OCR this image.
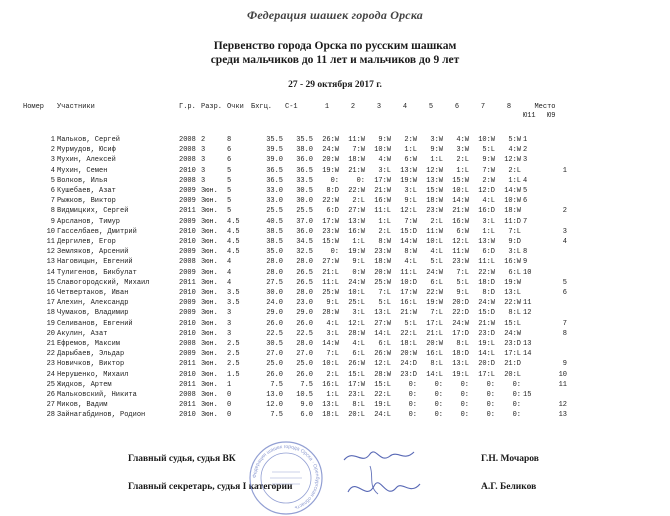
Федерация шашек города Орска
Первенство города Орска по русским шашкам
среди мальчиков до 11 лет и мальчиков до 9 лет
27 - 29 октября 2017 г.
Номер	Участники	Г.р.	Разр.	Очки	Бхгц.	С-1	1	2	3	4	5	6	7	8	Место	
															Ю11	Ю9

1	Мальков, Сергей	2008	2	8	35.5	35.5	26:W	11:W	9:W	2:W	3:W	4:W	10:W	5:W	1	
2	Мурмудов, Юсиф	2008	3	6	39.5	38.0	24:W	7:W	10:W	1:L	9:W	3:W	5:L	4:W	2	
3	Мухин, Алексей	2008	3	6	39.0	36.0	20:W	18:W	4:W	6:W	1:L	2:L	9:W	12:W	3	
4	Мухин, Семен	2010	3	5	36.5	36.5	19:W	21:W	3:L	13:W	12:W	1:L	7:W	2:L		1
5	Волков, Илья	2008	3	5	36.5	33.5	0:	0:	17:W	19:W	13:W	15:W	2:W	1:L	4	
6	Кушебаев, Азат	2009	3юн.	5	33.0	30.5	8:D	22:W	21:W	3:L	15:W	10:L	12:D	14:W	5	
7	Рыжков, Виктор	2009	3юн.	5	33.0	30.0	22:W	2:L	16:W	9:L	18:W	14:W	4:L	10:W	6	
8	Видмицких, Сергей	2011	3юн.	5	25.5	25.5	6:D	27:W	11:L	12:L	23:W	21:W	16:D	18:W		2
9	Арсланов, Тимур	2009	3юн.	4.5	40.5	37.0	17:W	13:W	1:L	7:W	2:L	16:W	3:L	11:D	7	
10	Гасселбаев, Дмитрий	2010	3юн.	4.5	38.5	36.0	23:W	16:W	2:L	15:D	11:W	6:W	1:L	7:L		3
11	Дергилев, Егор	2010	3юн.	4.5	38.5	34.5	15:W	1:L	8:W	14:W	10:L	12:L	13:W	9:D		4
12	Земляков, Арсений	2009	3юн.	4.5	35.0	32.5	0:	19:W	23:W	8:W	4:L	11:W	6:D	3:L	8	
13	Наговицын, Евгений	2008	3юн.	4	28.0	28.0	27:W	9:L	18:W	4:L	5:L	23:W	11:L	16:W	9	
14	Тулигенов, Бикбулат	2009	3юн.	4	28.0	26.5	21:L	0:W	20:W	11:L	24:W	7:L	22:W	6:L	10	
15	Славогородский, Михаил	2011	3юн.	4	27.5	26.5	11:L	24:W	25:W	10:D	6:L	5:L	18:D	19:W		5
16	Четвертаков, Иван	2010	3юн.	3.5	30.0	28.0	25:W	10:L	7:L	17:W	22:W	9:L	8:D	13:L		6
17	Алехин, Александр	2009	3юн.	3.5	24.0	23.0	9:L	25:L	5:L	16:L	19:W	20:D	24:W	22:W	11	
18	Чумаков, Владимир	2009	3юн.	3	29.0	29.0	28:W	3:L	13:L	21:W	7:L	22:D	15:D	8:L	12	
19	Селиванов, Евгений	2010	3юн.	3	26.0	26.0	4:L	12:L	27:W	5:L	17:L	24:W	21:W	15:L		7
20	Акулин, Азат	2010	3юн.	3	22.5	22.5	3:L	28:W	14:L	22:L	21:L	17:D	23:D	24:W		8
21	Ефремов, Максим	2008	3юн.	2.5	30.5	28.0	14:W	4:L	6:L	18:L	20:W	8:L	19:L	23:D	13	
22	Дарыбаев, Эльдар	2009	3юн.	2.5	27.0	27.0	7:L	6:L	26:W	20:W	16:L	18:D	14:L	17:L	14	
23	Новичков, Виктор	2011	3юн.	2.5	25.0	25.0	10:L	26:W	12:L	24:D	8:L	13:L	20:D	21:D		9
24	Нерушенко, Михаил	2010	3юн.	1.5	26.0	26.0	2:L	15:L	28:W	23:D	14:L	19:L	17:L	20:L		10
25	Жидков, Артем	2011	3юн.	1	7.5	7.5	16:L	17:W	15:L	0:	0:	0:	0:	0:		11
26	Мальковский, Никита	2008	3юн.	0	13.0	10.5	1:L	23:L	22:L	0:	0:	0:	0:	0:	15	
27	Миков, Вадим	2011	3юн.	0	12.0	9.0	13:L	8:L	19:L	0:	0:	0:	0:	0:		12
28	Зайнагабдинов, Родион	2010	3юн.	0	7.5	6.0	18:L	20:L	24:L	0:	0:	0:	0:	0:		13
Главный судья, судья ВК	Г.Н. Мочаров
Главный секретарь, судья I категории	А.Г. Беликов
Федерация шашек города Орска · Оренбургская область
